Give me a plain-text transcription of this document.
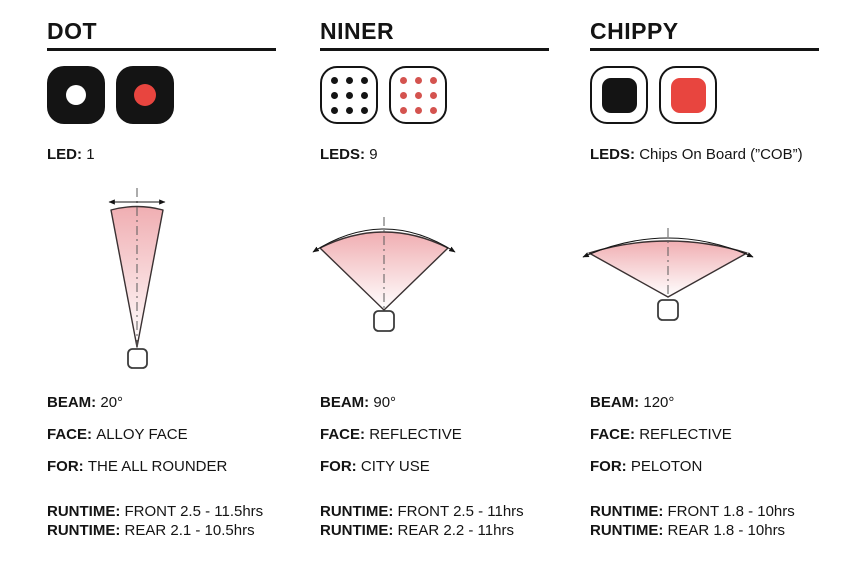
DOT

LED: 1

BEAM: 20°

FACE: ALLOY FACE

FOR: THE ALL ROUNDER

RUNTIME: FRONT 2.5 - 11.5hrs

RUNTIME: REAR 2.1 - 10.5hrs

NINER

LEDS: 9

BEAM: 90°

FACE: REFLECTIVE

FOR: CITY USE

RUNTIME: FRONT 2.5 - 11hrs

RUNTIME: REAR 2.2 - 11hrs

CHIPPY

LEDS: Chips On Board (”COB”)

BEAM: 120°

FACE: REFLECTIVE

FOR: PELOTON

RUNTIME: FRONT 1.8 - 10hrs

RUNTIME: REAR 1.8 - 10hrs
